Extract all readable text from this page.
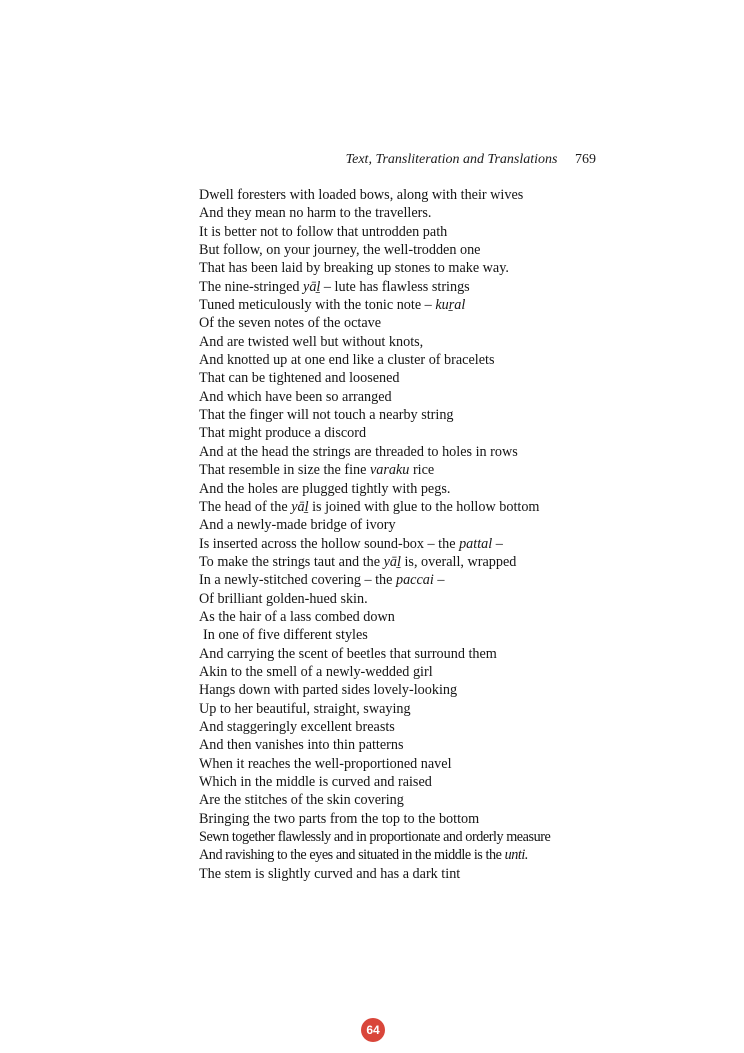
Text, Transliteration and Translations 769
Dwell foresters with loaded bows, along with their wives
And they mean no harm to the travellers.
It is better not to follow that untrodden path
But follow, on your journey, the well-trodden one
That has been laid by breaking up stones to make way.
The nine-stringed yāḻ – lute has flawless strings
Tuned meticulously with the tonic note – kuṟal
Of the seven notes of the octave
And are twisted well but without knots,
And knotted up at one end like a cluster of bracelets
That can be tightened and loosened
And which have been so arranged
That the finger will not touch a nearby string
That might produce a discord
And at the head the strings are threaded to holes in rows
That resemble in size the fine varaku rice
And the holes are plugged tightly with pegs.
The head of the yāḻ is joined with glue to the hollow bottom
And a newly-made bridge of ivory
Is inserted across the hollow sound-box – the pattal –
To make the strings taut and the yāḻ is, overall, wrapped
In a newly-stitched covering – the paccai –
Of brilliant golden-hued skin.
As the hair of a lass combed down
In one of five different styles
And carrying the scent of beetles that surround them
Akin to the smell of a newly-wedded girl
Hangs down with parted sides lovely-looking
Up to her beautiful, straight, swaying
And staggeringly excellent breasts
And then vanishes into thin patterns
When it reaches the well-proportioned navel
Which in the middle is curved and raised
Are the stitches of the skin covering
Bringing the two parts from the top to the bottom
Sewn together flawlessly and in proportionate and orderly measure
And ravishing to the eyes and situated in the middle is the unti.
The stem is slightly curved and has a dark tint
64
